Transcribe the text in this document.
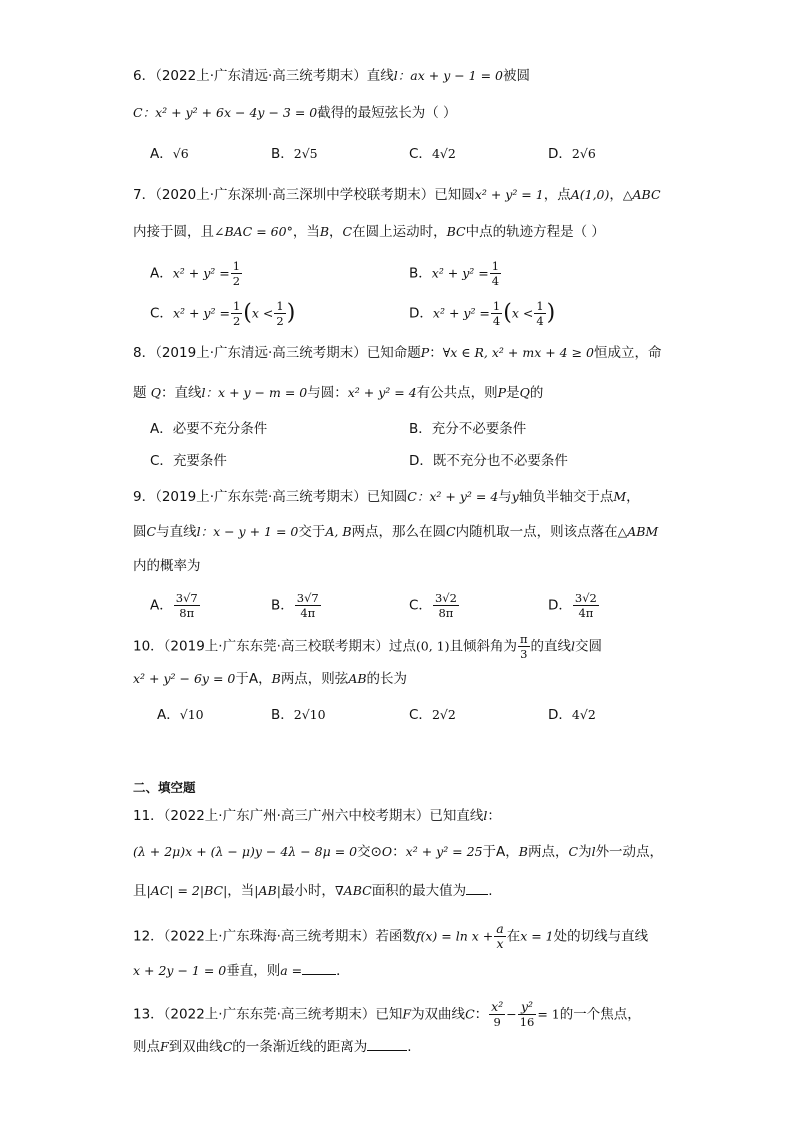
6．（2022上·广东清远·高三统考期末）直线l：ax + y − 1 = 0被圆
C：x² + y² + 6x − 4y − 3 = 0截得的最短弦长为（ ）
A．√6	B．2√5	C．4√2	D．2√6
7．（2020上·广东深圳·高三深圳中学校联考期末）已知圆x² + y² = 1，点A(1,0)，△ABC
内接于圆，且∠BAC = 60°，当B，C在圆上运动时，BC中点的轨迹方程是（ ）
A．$x^2 + y^2 = \frac{1}{2}$	B．$x^2 + y^2 = \frac{1}{4}$
C．$x^2 + y^2 = \frac{1}{2} (x < \frac{1}{2}$ )	D．$x^2 + y^2 = \frac{1}{4} (x < \frac{1}{4}$ )
8．（2019上·广东清远·高三统考期末）已知命题P：∀x ∈ R, x² + mx + 4 ≥ 0恒成立，命
题 Q：直线l：x + y − m = 0与圆：x² + y² = 4有公共点，则P是Q的
A．必要不充分条件	B．充分不必要条件
C．充要条件	D．既不充分也不必要条件
9．（2019上·广东东莞·高三统考期末）已知圆C：x² + y² = 4与y轴负半轴交于点M，
圆C与直线l：x − y + 1 = 0交于A, B两点，那么在圆C内随机取一点，则该点落在△ABM
内的概率为
A． $\frac{3√7}{8\pi}$	B． $\frac{3√7}{4\pi}$	C． $\frac{3√2}{8\pi}$	D． $\frac{3√2}{4\pi}$
10．（2019上·广东东莞·高三校联考期末）过点(0, 1)且倾斜角为 $\frac{\pi}{3}$ 的直线l交圆
x² + y² − 6y = 0于A，B两点，则弦AB的长为
A．√10	B．2√10	C．2√2	D．4√2
二、填空题
11．（2022上·广东广州·高三广州六中校考期末）已知直线l：
(λ + 2μ)x + (λ − μ)y − 4λ − 8μ = 0交⊙O：x² + y² = 25于A，B两点，C为l外一动点，
且|AC| = 2|BC|，当|AB|最小时，∇ABC面积的最大值为 .
12．（2022上·广东珠海·高三统考期末）若函数$f(x) = \ln x + \frac{a}{x}$ 在x = 1处的切线与直线
x + 2y − 1 = 0垂直，则a =	．
13．（2022上·广东东莞·高三统考期末）已知F为双曲线C： $\frac{\text{x²}}{9} - \frac{\text{y²}}{16} = 1$的一个焦点，
则点F到双曲线C的一条渐近线的距离为	.
